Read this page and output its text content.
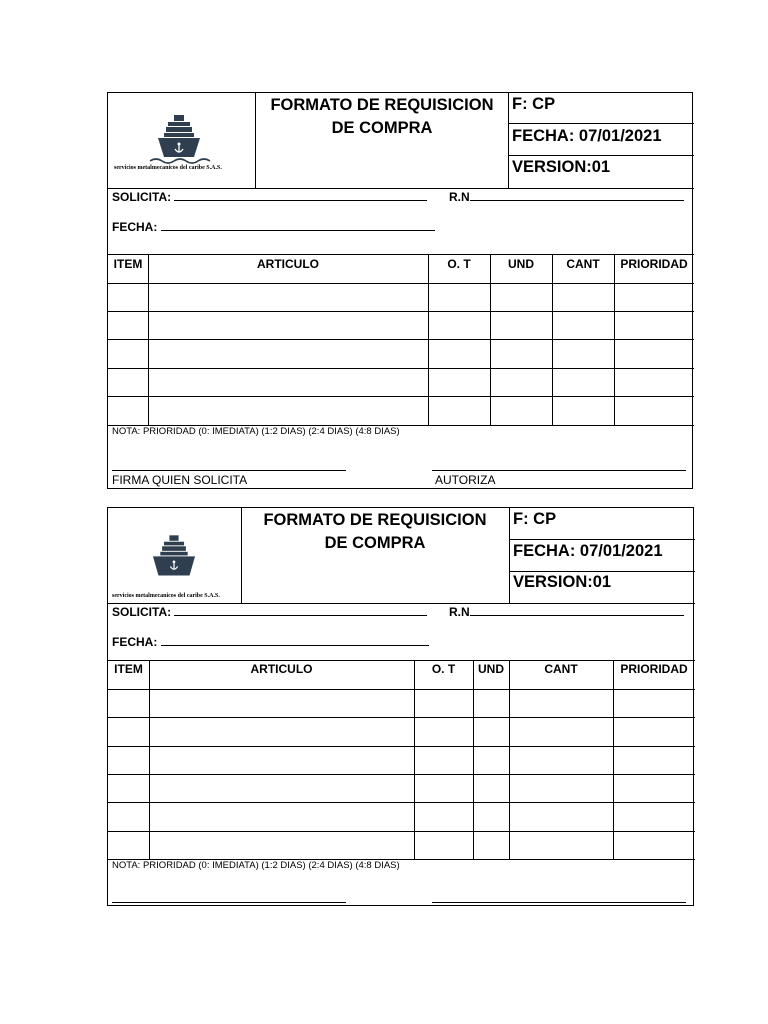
servicios metalmecanicos del caribe S.A.S.
FORMATO DE REQUISICION
DE COMPRA
F: CP
FECHA: 07/01/2021
VERSION:01
SOLICITA:	R.N
FECHA:
ITEM	ARTICULO	O. T	UND	CANT	PRIORIDAD
NOTA: PRIORIDAD (0: IMEDIATA) (1:2 DIAS) (2:4 DIAS) (4:8 DIAS)
FIRMA QUIEN SOLICITA	AUTORIZA
servicios metalmecanicos del caribe S.A.S.
FORMATO DE REQUISICION
DE COMPRA
F: CP
FECHA: 07/01/2021
VERSION:01
SOLICITA:	R.N
FECHA:
ITEM	ARTICULO	O. T	UND	CANT	PRIORIDAD
NOTA: PRIORIDAD (0: IMEDIATA) (1:2 DIAS) (2:4 DIAS) (4:8 DIAS)
